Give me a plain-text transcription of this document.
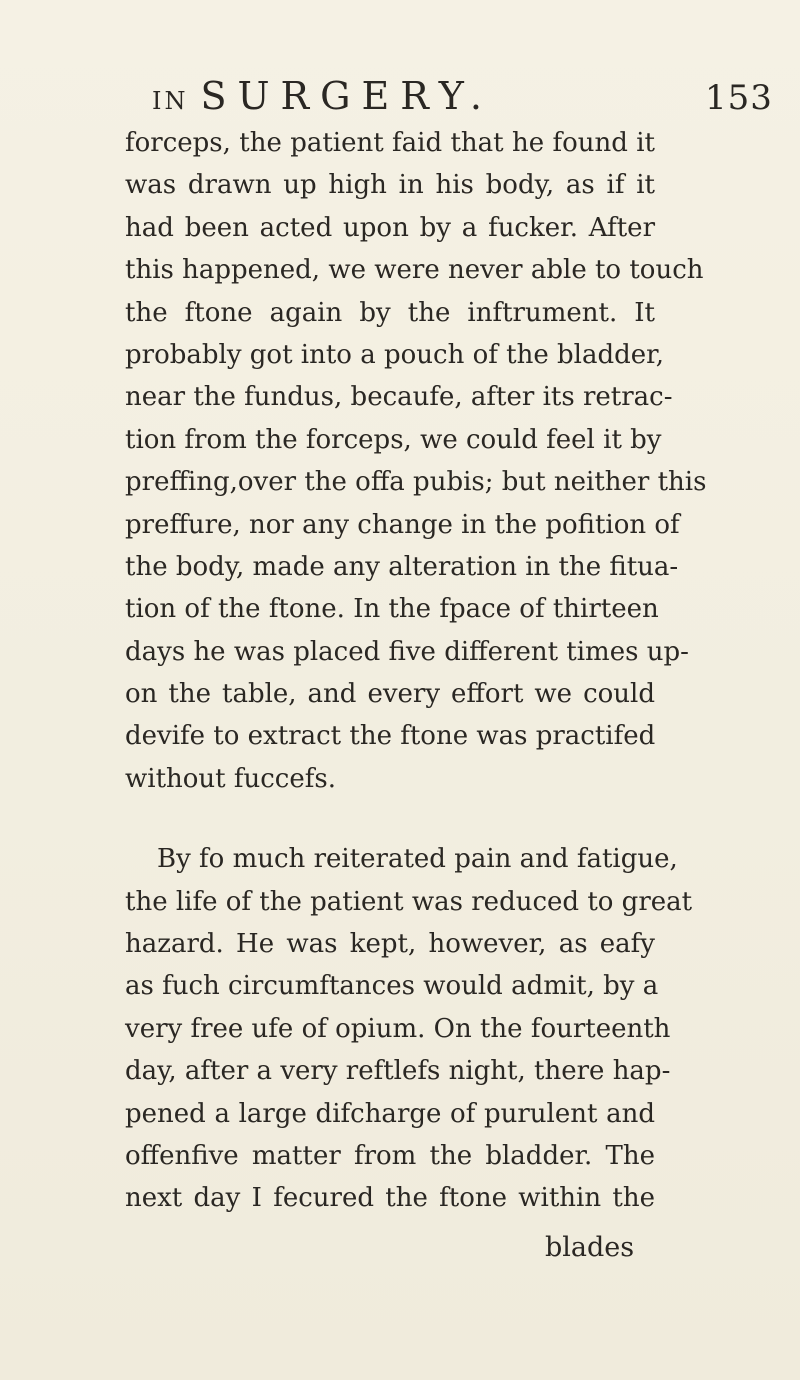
IN SURGERY.	153
forceps, the patient faid that he found it
was drawn up high in his body, as if it
had been acted upon by a fucker. After
this happened, we were never able to touch
the ftone again by the inftrument. It
probably got into a pouch of the bladder,
near the fundus, becaufe, after its retrac-
tion from the forceps, we could feel it by
preffing,over the offa pubis; but neither this
preffure, nor any change in the pofition of
the body, made any alteration in the fitua-
tion of the ftone. In the fpace of thirteen
days he was placed five different times up-
on the table, and every effort we could
devife to extract the ftone was practifed
without fuccefs.
By fo much reiterated pain and fatigue,
the life of the patient was reduced to great
hazard. He was kept, however, as eafy
as fuch circumftances would admit, by a
very free ufe of opium. On the fourteenth
day, after a very reftlefs night, there hap-
pened a large difcharge of purulent and
offenfive matter from the bladder. The
next day I fecured the ftone within the
blades
